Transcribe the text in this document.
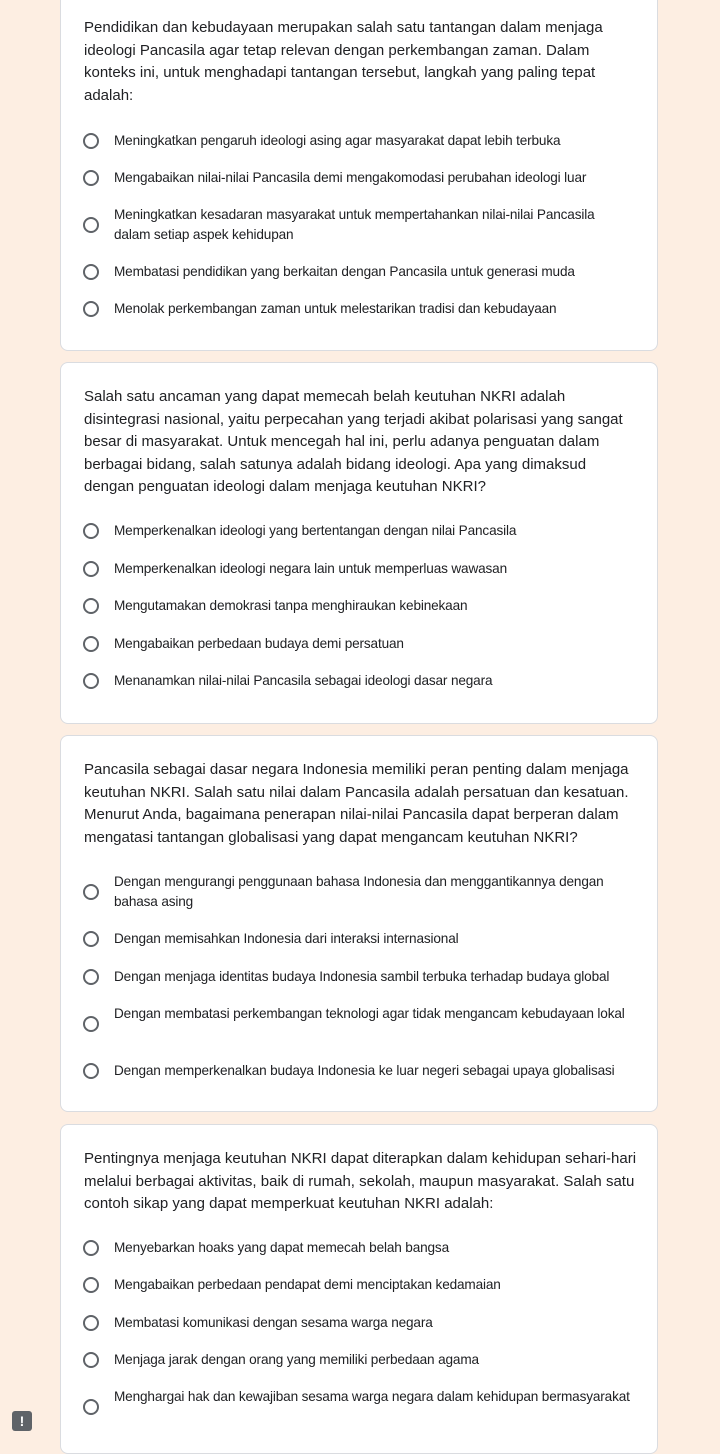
Pendidikan dan kebudayaan merupakan salah satu tantangan dalam menjaga ideologi Pancasila agar tetap relevan dengan perkembangan zaman. Dalam konteks ini, untuk menghadapi tantangan tersebut, langkah yang paling tepat adalah:

Meningkatkan pengaruh ideologi asing agar masyarakat dapat lebih terbuka
Mengabaikan nilai-nilai Pancasila demi mengakomodasi perubahan ideologi luar
Meningkatkan kesadaran masyarakat untuk mempertahankan nilai-nilai Pancasila dalam setiap aspek kehidupan
Membatasi pendidikan yang berkaitan dengan Pancasila untuk generasi muda
Menolak perkembangan zaman untuk melestarikan tradisi dan kebudayaan

Salah satu ancaman yang dapat memecah belah keutuhan NKRI adalah disintegrasi nasional, yaitu perpecahan yang terjadi akibat polarisasi yang sangat besar di masyarakat. Untuk mencegah hal ini, perlu adanya penguatan dalam berbagai bidang, salah satunya adalah bidang ideologi. Apa yang dimaksud dengan penguatan ideologi dalam menjaga keutuhan NKRI?

Memperkenalkan ideologi yang bertentangan dengan nilai Pancasila
Memperkenalkan ideologi negara lain untuk memperluas wawasan
Mengutamakan demokrasi tanpa menghiraukan kebinekaan
Mengabaikan perbedaan budaya demi persatuan
Menanamkan nilai-nilai Pancasila sebagai ideologi dasar negara

Pancasila sebagai dasar negara Indonesia memiliki peran penting dalam menjaga keutuhan NKRI. Salah satu nilai dalam Pancasila adalah persatuan dan kesatuan. Menurut Anda, bagaimana penerapan nilai-nilai Pancasila dapat berperan dalam mengatasi tantangan globalisasi yang dapat mengancam keutuhan NKRI?

Dengan mengurangi penggunaan bahasa Indonesia dan menggantikannya dengan bahasa asing
Dengan memisahkan Indonesia dari interaksi internasional
Dengan menjaga identitas budaya Indonesia sambil terbuka terhadap budaya global
Dengan membatasi perkembangan teknologi agar tidak mengancam kebudayaan lokal
Dengan memperkenalkan budaya Indonesia ke luar negeri sebagai upaya globalisasi

Pentingnya menjaga keutuhan NKRI dapat diterapkan dalam kehidupan sehari-hari melalui berbagai aktivitas, baik di rumah, sekolah, maupun masyarakat. Salah satu contoh sikap yang dapat memperkuat keutuhan NKRI adalah:

Menyebarkan hoaks yang dapat memecah belah bangsa
Mengabaikan perbedaan pendapat demi menciptakan kedamaian
Membatasi komunikasi dengan sesama warga negara
Menjaga jarak dengan orang yang memiliki perbedaan agama
Menghargai hak dan kewajiban sesama warga negara dalam kehidupan bermasyarakat
!
